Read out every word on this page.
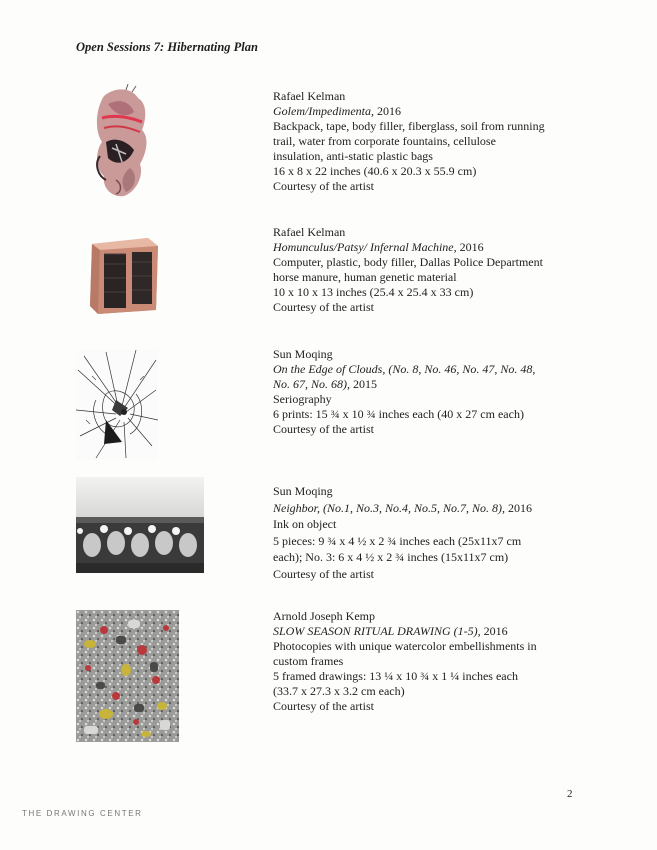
Open Sessions 7: Hibernating Plan
Rafael Kelman
Golem/Impedimenta, 2016
Backpack, tape, body filler, fiberglass, soil from running
trail, water from corporate fountains, cellulose
insulation, anti-static plastic bags
16 x 8 x 22 inches (40.6 x 20.3 x 55.9 cm)
Courtesy of the artist
Rafael Kelman
Homunculus/Patsy/ Infernal Machine, 2016
Computer, plastic, body filler, Dallas Police Department
horse manure, human genetic material
10 x 10 x 13 inches (25.4 x 25.4 x 33 cm)
Courtesy of the artist
Sun Moqing
On the Edge of Clouds, (No. 8, No. 46, No. 47, No. 48,
No. 67, No. 68), 2015
Seriography
6 prints: 15 ¾ x 10 ¾ inches each (40 x 27 cm each)
Courtesy of the artist
Sun Moqing
Neighbor, (No.1, No.3, No.4, No.5, No.7, No. 8), 2016
Ink on object
5 pieces: 9 ¾ x 4 ½ x 2 ¾ inches each (25x11x7 cm
each); No. 3: 6 x 4 ½ x 2 ¾ inches (15x11x7 cm)
Courtesy of the artist
Arnold Joseph Kemp
SLOW SEASON RITUAL DRAWING (1-5), 2016
Photocopies with unique watercolor embellishments in
custom frames
5 framed drawings: 13 ¼ x 10 ¾ x 1 ¼ inches each
(33.7 x 27.3 x 3.2 cm each)
Courtesy of the artist
2
THE DRAWING CENTER
